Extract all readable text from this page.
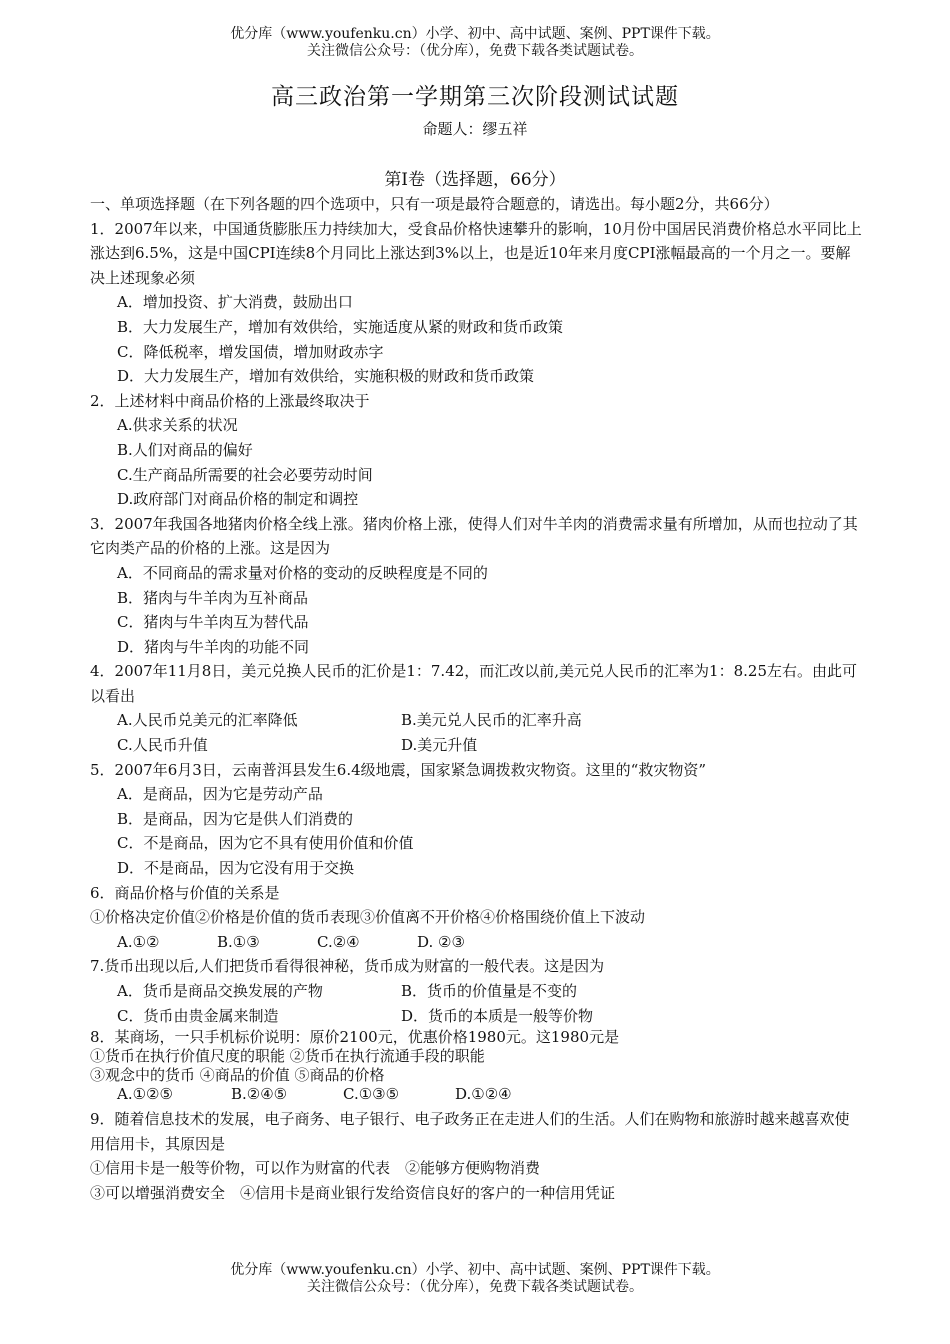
优分库（www.youfenku.cn）小学、初中、高中试题、案例、PPT课件下载。
关注微信公众号：（优分库），免费下载各类试题试卷。
高三政治第一学期第三次阶段测试试题
命题人：缪五祥
第Ⅰ卷（选择题，66分）

一、单项选择题（在下列各题的四个选项中，只有一项是最符合题意的，请选出。每小题2分，共66分）

1．2007年以来，中国通货膨胀压力持续加大，受食品价格快速攀升的影响，10月份中国居民消费价格总水平同比上涨达到6.5%，这是中国CPI连续8个月同比上涨达到3%以上，也是近10年来月度CPI涨幅最高的一个月之一。要解决上述现象必须

A．增加投资、扩大消费，鼓励出口

B．大力发展生产，增加有效供给，实施适度从紧的财政和货币政策

C．降低税率，增发国债，增加财政赤字

D．大力发展生产，增加有效供给，实施积极的财政和货币政策

2．上述材料中商品价格的上涨最终取决于

A.供求关系的状况

B.人们对商品的偏好

C.生产商品所需要的社会必要劳动时间

D.政府部门对商品价格的制定和调控

3．2007年我国各地猪肉价格全线上涨。猪肉价格上涨，使得人们对牛羊肉的消费需求量有所增加，从而也拉动了其它肉类产品的价格的上涨。这是因为

A．不同商品的需求量对价格的变动的反映程度是不同的

B．猪肉与牛羊肉为互补商品

C．猪肉与牛羊肉互为替代品

D．猪肉与牛羊肉的功能不同

4．2007年11月8日，美元兑换人民币的汇价是1：7.42，而汇改以前,美元兑人民币的汇率为1：8.25左右。由此可以看出

A.人民币兑美元的汇率降低	B.美元兑人民币的汇率升高
C.人民币升值	D.美元升值

5．2007年6月3日，云南普洱县发生6.4级地震，国家紧急调拨救灾物资。这里的“救灾物资”

A．是商品，因为它是劳动产品

B．是商品，因为它是供人们消费的

C．不是商品，因为它不具有使用价值和价值

D．不是商品，因为它没有用于交换

6．商品价格与价值的关系是

①价格决定价值②价格是价值的货币表现③价值离不开价格④价格围绕价值上下波动

A.①②	B.①③	C.②④	D. ②③

7.货币出现以后,人们把货币看得很神秘，货币成为财富的一般代表。这是因为

A．货币是商品交换发展的产物	B．货币的价值量是不变的
C．货币由贵金属来制造	D．货币的本质是一般等价物

8．某商场，一只手机标价说明：原价2100元，优惠价格1980元。这1980元是

①货币在执行价值尺度的职能 ②货币在执行流通手段的职能

③观念中的货币 ④商品的价值 ⑤商品的价格

A.①②⑤	B.②④⑤	C.①③⑤	D.①②④

9．随着信息技术的发展，电子商务、电子银行、电子政务正在走进人们的生活。人们在购物和旅游时越来越喜欢使用信用卡，其原因是

①信用卡是一般等价物，可以作为财富的代表　②能够方便购物消费

③可以增强消费安全　④信用卡是商业银行发给资信良好的客户的一种信用凭证

优分库（www.youfenku.cn）小学、初中、高中试题、案例、PPT课件下载。
关注微信公众号：（优分库），免费下载各类试题试卷。
